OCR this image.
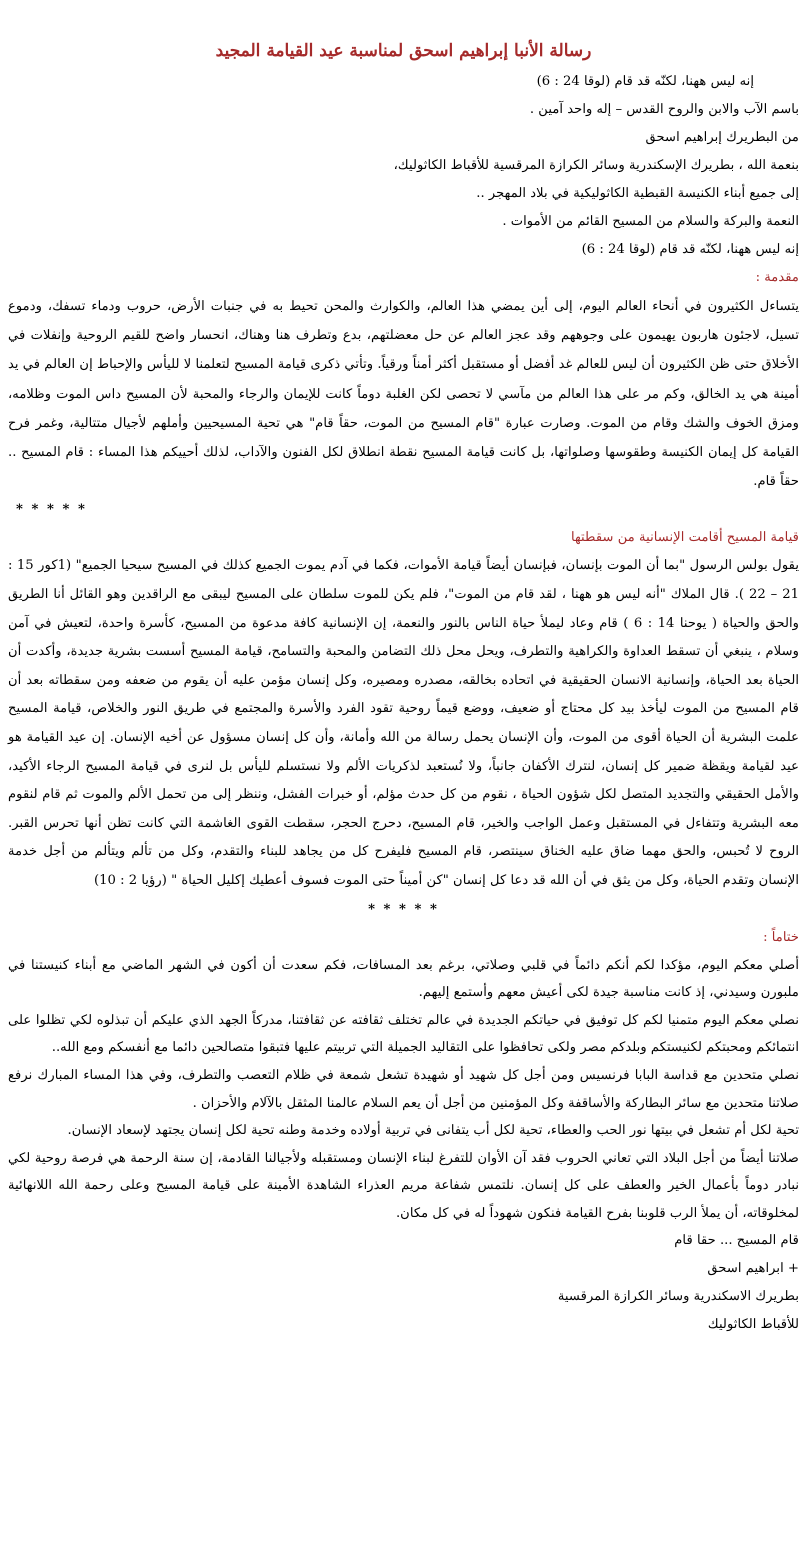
رسالة الأنبا إبراهيم اسحق لمناسبة عيد القيامة المجيد

إنه ليس ههنا، لكنّه قد قام (لوقا 24 : 6)

باسم الآب والابن والروح القدس – إله واحد آمين .

من البطريرك إبراهيم اسحق

بنعمة الله ، بطريرك الإسكندرية وسائر الكرازة المرقسية للأقباط الكاثوليك،

إلى جميع أبناء الكنيسة القبطية الكاثوليكية في بلاد المهجر ..

النعمة والبركة والسلام من المسيح القائم من الأموات .

إنه ليس ههنا، لكنّه قد قام (لوقا 24 : 6)

مقدمة :

يتساءل الكثيرون في أنحاء العالم اليوم، إلى أين يمضي هذا العالم، والكوارث والمحن تحيط به في جنبات الأرض، حروب ودماء تسفك، ودموع تسيل، لاجئون هاربون يهيمون على وجوههم وقد عجز العالم عن حل معضلتهم، بدع وتطرف هنا وهناك، انحسار واضح للقيم الروحية وإنفلات في الأخلاق حتى ظن الكثيرون أن ليس للعالم غد أفضل أو مستقبل أكثر أمناً ورقياً. وتأتي ذكرى قيامة المسيح لتعلمنا لا لليأس والإحباط إن العالم في يد أمينة هي يد الخالق، وكم مر على هذا العالم من مآسي لا تحصى لكن الغلبة دوماً كانت للإيمان والرجاء والمحبة لأن المسيح داس الموت وظلامه، ومزق الخوف والشك وقام من الموت. وصارت عبارة "قام المسيح من الموت، حقاً قام" هي تحية المسيحيين وأملهم لأجيال متتالية، وغمر فرح القيامة كل إيمان الكنيسة وطقوسها وصلواتها، بل كانت قيامة المسيح نقطة انطلاق لكل الفنون والآداب، لذلك أحييكم هذا المساء : قام المسيح .. حقاً قام.

* * * * *

قيامة المسيح أقامت الإنسانية من سقطتها

يقول بولس الرسول "بما أن الموت بإنسان، فبإنسان أيضاً قيامة الأموات، فكما في آدم يموت الجميع كذلك في المسيح سيحيا الجميع" (1كور 15 : 21 – 22 ). قال الملاك "أنه ليس هو ههنا ، لقد قام من الموت"، فلم يكن للموت سلطان على المسيح ليبقى مع الراقدين وهو القائل أنا الطريق والحق والحياة ( يوحنا 14 : 6 ) قام وعاد ليملأ حياة الناس بالنور والنعمة، إن الإنسانية كافة مدعوة من المسيح، كأسرة واحدة، لتعيش في آمن وسلام ، ينبغي أن تسقط العداوة والكراهية والتطرف، ويحل محل ذلك التضامن والمحبة والتسامح، قيامة المسيح أسست بشرية جديدة، وأكدت أن الحياة بعد الحياة، وإنسانية الانسان الحقيقية في اتحاده بخالقه، مصدره ومصيره، وكل إنسان مؤمن عليه أن يقوم من ضعفه ومن سقطاته بعد أن قام المسيح من الموت ليأخذ بيد كل محتاج أو ضعيف، ووضع قيماً روحية تقود الفرد والأسرة والمجتمع في طريق النور والخلاص، قيامة المسيح علمت البشرية أن الحياة أقوى من الموت، وأن الإنسان يحمل رسالة من الله وأمانة، وأن كل إنسان مسؤول عن أخيه الإنسان. إن عيد القيامة هو عيد لقيامة ويقظة ضمير كل إنسان، لنترك الأكفان جانباً، ولا نُستعبد لذكريات الألم ولا نستسلم لليأس بل لنرى في قيامة المسيح الرجاء الأكيد، والأمل الحقيقي والتجديد المتصل لكل شؤون الحياة ، نقوم من كل حدث مؤلم، أو خبرات الفشل، وننظر إلى من تحمل الألم والموت ثم قام لنقوم معه البشرية وتتفاءل في المستقبل وعمل الواجب والخير، قام المسيح، دحرج الحجر، سقطت القوى الغاشمة التي كانت تظن أنها تحرس القبر. الروح لا تُحبس، والحق مهما ضاق عليه الخناق سينتصر، قام المسيح فليفرح كل من يجاهد للبناء والتقدم، وكل من تألم ويتألم من أجل خدمة الإنسان وتقدم الحياة، وكل من يثق في أن الله قد دعا كل إنسان "كن أميناً حتى الموت فسوف أعطيك إكليل الحياة " (رؤيا 2 : 10)

* * * * *

ختاماً :

أصلي معكم اليوم، مؤكدا لكم أنكم دائماً في قلبي وصلاتي، برغم بعد المسافات، فكم سعدت أن أكون في الشهر الماضي مع أبناء كنيستنا في ملبورن وسيدني، إذ كانت مناسبة جيدة لكى أعيش معهم وأستمع إليهم.

نصلي معكم اليوم متمنيا لكم كل توفيق في حياتكم الجديدة في عالم تختلف ثقافته عن ثقافتنا، مدركاً الجهد الذي عليكم أن تبذلوه لكي تظلوا على انتمائكم ومحبتكم لكنيستكم وبلدكم مصر ولكى تحافظوا على التقاليد الجميلة التي تربيتم عليها فتبقوا متصالحين دائما مع أنفسكم ومع الله..

نصلي متحدين مع قداسة البابا فرنسيس ومن أجل كل شهيد أو شهيدة تشعل شمعة في ظلام التعصب والتطرف، وفي هذا المساء المبارك نرفع صلاتنا متحدين مع سائر البطاركة والأساقفة وكل المؤمنين من أجل أن يعم السلام عالمنا المثقل بالآلام والأحزان .

تحية لكل أم تشعل في بيتها نور الحب والعطاء، تحية لكل أب يتفانى في تربية أولاده وخدمة وطنه تحية لكل إنسان يجتهد لإسعاد الإنسان.

صلاتنا أيضاً من أجل البلاد التي تعاني الحروب فقد آن الأوان للتفرغ لبناء الإنسان ومستقبله ولأجيالنا القادمة، إن سنة الرحمة هي فرصة روحية لكي نبادر دوماً بأعمال الخير والعطف على كل إنسان. نلتمس شفاعة مريم العذراء الشاهدة الأمينة على قيامة المسيح وعلى رحمة الله اللانهائية لمخلوقاته، أن يملأ الرب قلوبنا بفرح القيامة فنكون شهوداً له في كل مكان.

قام المسيح ... حقا قام

+ ابراهيم اسحق

بطريرك الاسكندرية وسائر الكرازة المرقسية

للأقباط الكاثوليك
